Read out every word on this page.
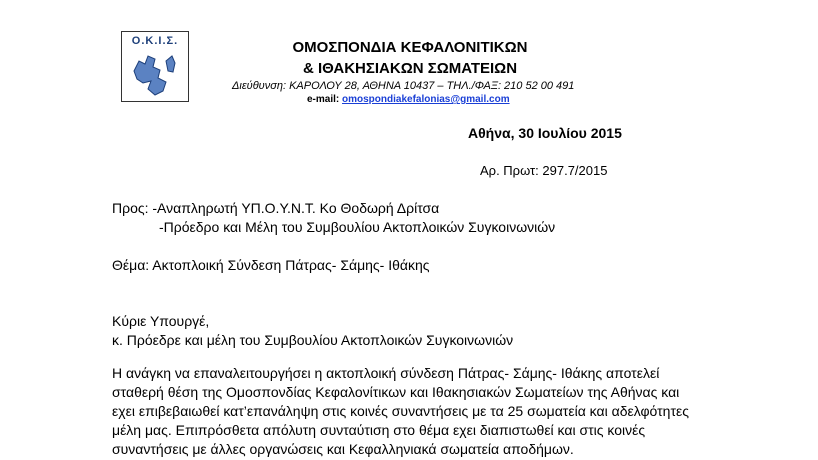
Ο.Κ.Ι.Σ.	ΟΜΟΣΠΟΝΔΙΑ ΚΕΦΑΛΟΝΙΤΙΚΩΝ
& ΙΘΑΚΗΣΙΑΚΩΝ ΣΩΜΑΤΕΙΩΝ
Διεύθυνση: ΚΑΡΟΛΟΥ 28, ΑΘΗΝΑ 10437 – ΤΗΛ./ΦΑΞ: 210 52 00 491
e-mail: omospondiakefalonias@gmail.com
Αθήνα, 30 Ιουλίου 2015
Αρ. Πρωτ: 297.7/2015
Προς: -Αναπληρωτή ΥΠ.Ο.Υ.Ν.Τ. Κο Θοδωρή Δρίτσα
-Πρόεδρο και Μέλη του Συμβουλίου Ακτοπλοικών Συγκοινωνιών
Θέμα: Ακτοπλοική Σύνδεση Πάτρας- Σάμης- Ιθάκης
Κύριε Υπουργέ,
κ. Πρόεδρε και μέλη του Συμβουλίου Ακτοπλοικών Συγκοινωνιών
Η ανάγκη να επαναλειτουργήσει η ακτοπλοική σύνδεση Πάτρας- Σάμης- Ιθάκης αποτελεί
σταθερή θέση της Ομοσπονδίας Κεφαλονίτικων και Ιθακησιακών Σωματείων της Αθήνας και
εχει επιβεβαιωθεί κατ’επανάληψη στις κοινές συναντήσεις με τα 25 σωματεία και αδελφότητες
μέλη μας. Επιπρόσθετα απόλυτη συνταύτιση στο θέμα εχει διαπιστωθεί και στις κοινές
συναντήσεις με άλλες οργανώσεις και Κεφαλληνιακά σωματεία αποδήμων.
